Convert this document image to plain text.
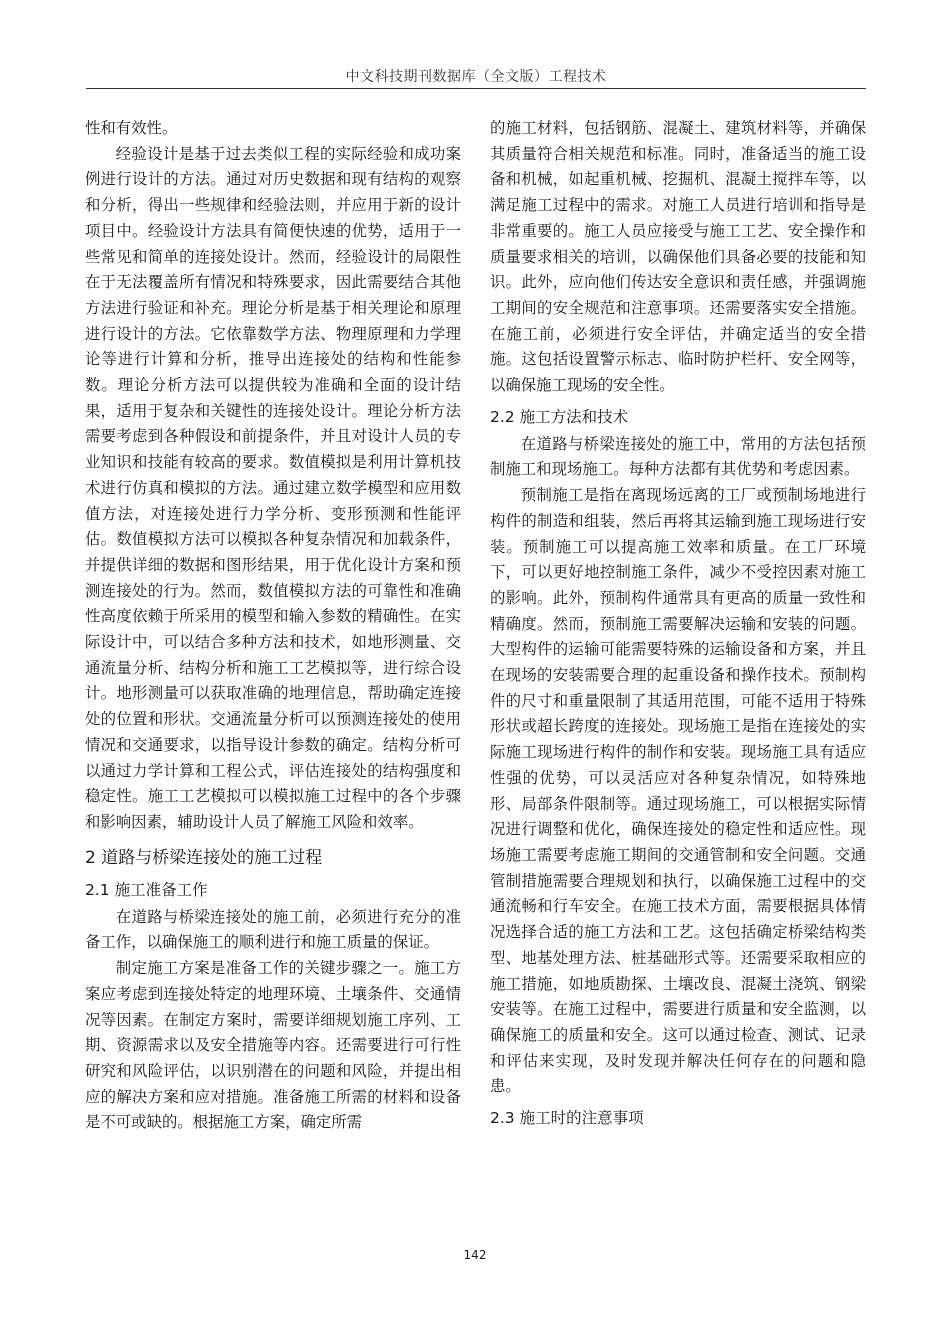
中文科技期刊数据库（全文版）工程技术

性和有效性。

经验设计是基于过去类似工程的实际经验和成功案例进行设计的方法。通过对历史数据和现有结构的观察和分析，得出一些规律和经验法则，并应用于新的设计项目中。经验设计方法具有简便快速的优势，适用于一些常见和简单的连接处设计。然而，经验设计的局限性在于无法覆盖所有情况和特殊要求，因此需要结合其他方法进行验证和补充。理论分析是基于相关理论和原理进行设计的方法。它依靠数学方法、物理原理和力学理论等进行计算和分析，推导出连接处的结构和性能参数。理论分析方法可以提供较为准确和全面的设计结果，适用于复杂和关键性的连接处设计。理论分析方法需要考虑到各种假设和前提条件，并且对设计人员的专业知识和技能有较高的要求。数值模拟是利用计算机技术进行仿真和模拟的方法。通过建立数学模型和应用数值方法，对连接处进行力学分析、变形预测和性能评估。数值模拟方法可以模拟各种复杂情况和加载条件，并提供详细的数据和图形结果，用于优化设计方案和预测连接处的行为。然而，数值模拟方法的可靠性和准确性高度依赖于所采用的模型和输入参数的精确性。在实际设计中，可以结合多种方法和技术，如地形测量、交通流量分析、结构分析和施工工艺模拟等，进行综合设计。地形测量可以获取准确的地理信息，帮助确定连接处的位置和形状。交通流量分析可以预测连接处的使用情况和交通要求，以指导设计参数的确定。结构分析可以通过力学计算和工程公式，评估连接处的结构强度和稳定性。施工工艺模拟可以模拟施工过程中的各个步骤和影响因素，辅助设计人员了解施工风险和效率。

2 道路与桥梁连接处的施工过程
2.1 施工准备工作

在道路与桥梁连接处的施工前，必须进行充分的准备工作，以确保施工的顺利进行和施工质量的保证。

制定施工方案是准备工作的关键步骤之一。施工方案应考虑到连接处特定的地理环境、土壤条件、交通情况等因素。在制定方案时，需要详细规划施工序列、工期、资源需求以及安全措施等内容。还需要进行可行性研究和风险评估，以识别潜在的问题和风险，并提出相应的解决方案和应对措施。准备施工所需的材料和设备是不可或缺的。根据施工方案，确定所需

的施工材料，包括钢筋、混凝土、建筑材料等，并确保其质量符合相关规范和标准。同时，准备适当的施工设备和机械，如起重机械、挖掘机、混凝土搅拌车等，以满足施工过程中的需求。对施工人员进行培训和指导是非常重要的。施工人员应接受与施工工艺、安全操作和质量要求相关的培训，以确保他们具备必要的技能和知识。此外，应向他们传达安全意识和责任感，并强调施工期间的安全规范和注意事项。还需要落实安全措施。在施工前，必须进行安全评估，并确定适当的安全措施。这包括设置警示标志、临时防护栏杆、安全网等，以确保施工现场的安全性。

2.2 施工方法和技术

在道路与桥梁连接处的施工中，常用的方法包括预制施工和现场施工。每种方法都有其优势和考虑因素。

预制施工是指在离现场远离的工厂或预制场地进行构件的制造和组装，然后再将其运输到施工现场进行安装。预制施工可以提高施工效率和质量。在工厂环境下，可以更好地控制施工条件，减少不受控因素对施工的影响。此外，预制构件通常具有更高的质量一致性和精确度。然而，预制施工需要解决运输和安装的问题。大型构件的运输可能需要特殊的运输设备和方案，并且在现场的安装需要合理的起重设备和操作技术。预制构件的尺寸和重量限制了其适用范围，可能不适用于特殊形状或超长跨度的连接处。现场施工是指在连接处的实际施工现场进行构件的制作和安装。现场施工具有适应性强的优势，可以灵活应对各种复杂情况，如特殊地形、局部条件限制等。通过现场施工，可以根据实际情况进行调整和优化，确保连接处的稳定性和适应性。现场施工需要考虑施工期间的交通管制和安全问题。交通管制措施需要合理规划和执行，以确保施工过程中的交通流畅和行车安全。在施工技术方面，需要根据具体情况选择合适的施工方法和工艺。这包括确定桥梁结构类型、地基处理方法、桩基础形式等。还需要采取相应的施工措施，如地质勘探、土壤改良、混凝土浇筑、钢梁安装等。在施工过程中，需要进行质量和安全监测，以确保施工的质量和安全。这可以通过检查、测试、记录和评估来实现，及时发现并解决任何存在的问题和隐患。

2.3 施工时的注意事项
142
